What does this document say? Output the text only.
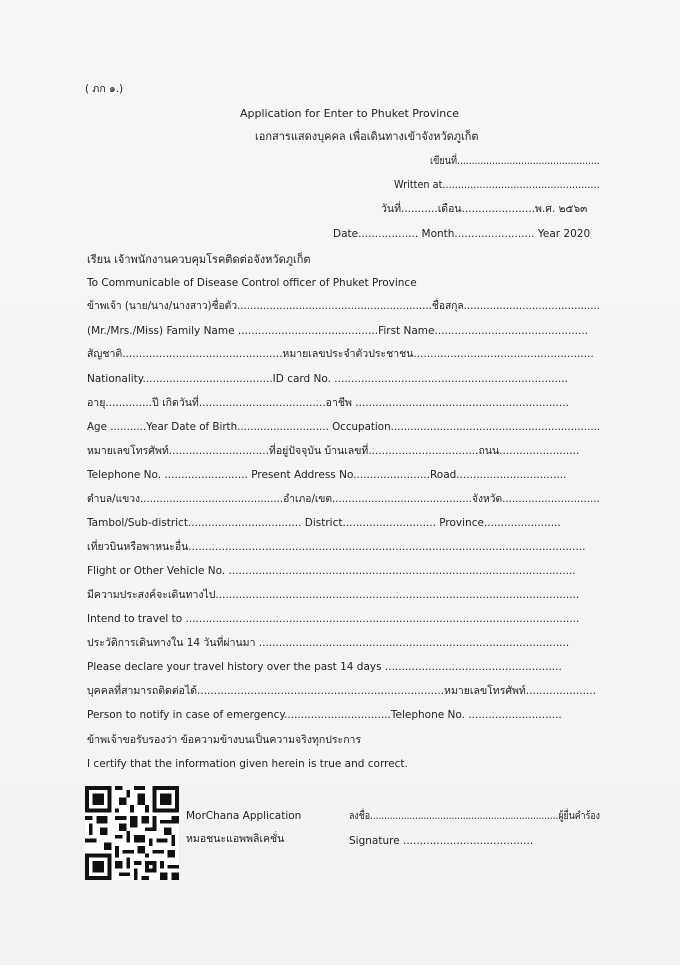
( ภก ๑.)
Application for Enter to Phuket Province
เอกสารแสดงบุคคล เพื่อเดินทางเข้าจังหวัดภูเก็ต
เขียนที่.................................................
Written at...................................................
วันที่...........เดือน......................พ.ศ. ๒๕๖๓
Date.................. Month........................ Year 2020
เรียน เจ้าพนักงานควบคุมโรคติดต่อจังหวัดภูเก็ต
To Communicable of Disease Control officer of Phuket Province
ข้าพเจ้า (นาย/นาง/นางสาว)ชื่อตัว............................................................ชื่อสกุล..........................................
(Mr./Mrs./Miss) Family Name ..........................................First Name..............................................
สัญชาติ................................................หมายเลขประจำตัวประชาชน......................................................
Nationality.......................................ID card No. ......................................................................
อายุ..............ปี เกิดวันที่......................................อาชีพ ................................................................
Age ...........Year Date of Birth............................ Occupation................................................................
หมายเลขโทรศัพท์..............................ที่อยู่ปัจจุบัน บ้านเลขที่.................................ถนน........................
Telephone No. ......................... Present Address No.......................Road.................................
ตำบล/แขวง............................................อำเภอ/เขต...........................................จังหวัด..............................
Tambol/Sub-district.................................. District............................ Province.......................
เที่ยวบินหรือพาหนะอื่น.......................................................................................................................
Flight or Other Vehicle No. ........................................................................................................
มีความประสงค์จะเดินทางไป.............................................................................................................
Intend to travel to ......................................................................................................................
ประวัติการเดินทางใน 14 วันที่ผ่านมา .............................................................................................
Please declare your travel history over the past 14 days .....................................................
บุคคลที่สามารถติดต่อได้..........................................................................หมายเลขโทรศัพท์.....................
Person to notify in case of emergency................................Telephone No. ............................
ข้าพเจ้าขอรับรองว่า ข้อความข้างบนเป็นความจริงทุกประการ
I certify that the information given herein is true and correct.
MorChana Application
หมอชนะแอพพลิเคชั่น
ลงชื่อ...................................................................ผู้ยื่นคำร้อง
Signature .......................................
